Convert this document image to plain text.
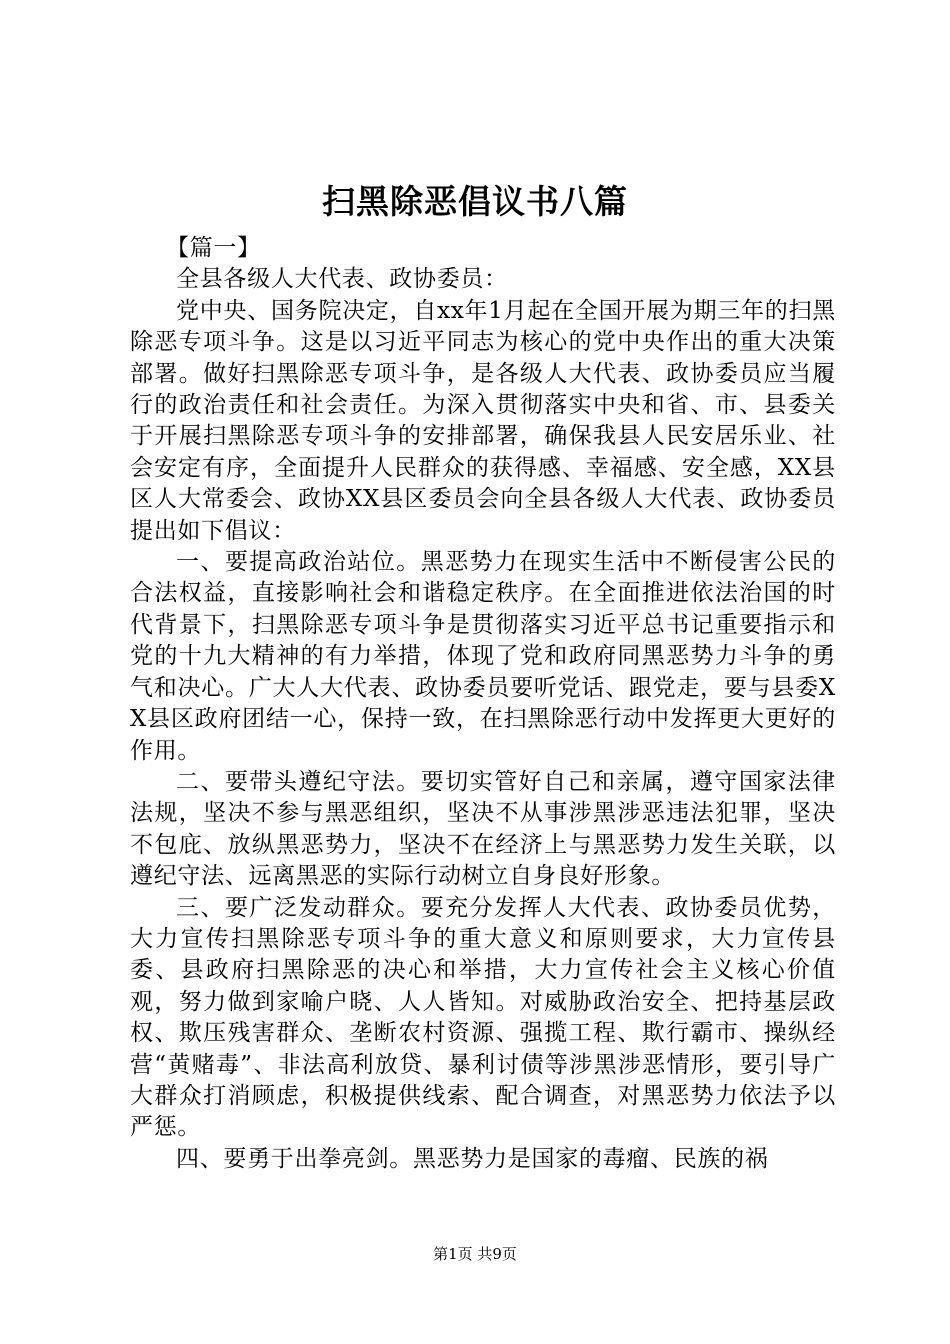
扫黑除恶倡议书八篇

【篇一】

全县各级人大代表、政协委员：

党中央、国务院决定，自xx年1月起在全国开展为期三年的扫黑除恶专项斗争。这是以习近平同志为核心的党中央作出的重大决策部署。做好扫黑除恶专项斗争，是各级人大代表、政协委员应当履行的政治责任和社会责任。为深入贯彻落实中央和省、市、县委关于开展扫黑除恶专项斗争的安排部署，确保我县人民安居乐业、社会安定有序，全面提升人民群众的获得感、幸福感、安全感，XX县区人大常委会、政协XX县区委员会向全县各级人大代表、政协委员提出如下倡议：

一、要提高政治站位。黑恶势力在现实生活中不断侵害公民的合法权益，直接影响社会和谐稳定秩序。在全面推进依法治国的时代背景下，扫黑除恶专项斗争是贯彻落实习近平总书记重要指示和党的十九大精神的有力举措，体现了党和政府同黑恶势力斗争的勇气和决心。广大人大代表、政协委员要听党话、跟党走，要与县委XX县区政府团结一心，保持一致，在扫黑除恶行动中发挥更大更好的作用。

二、要带头遵纪守法。要切实管好自己和亲属，遵守国家法律法规，坚决不参与黑恶组织，坚决不从事涉黑涉恶违法犯罪，坚决不包庇、放纵黑恶势力，坚决不在经济上与黑恶势力发生关联，以遵纪守法、远离黑恶的实际行动树立自身良好形象。

三、要广泛发动群众。要充分发挥人大代表、政协委员优势，大力宣传扫黑除恶专项斗争的重大意义和原则要求，大力宣传县委、县政府扫黑除恶的决心和举措，大力宣传社会主义核心价值观，努力做到家喻户晓、人人皆知。对威胁政治安全、把持基层政权、欺压残害群众、垄断农村资源、强揽工程、欺行霸市、操纵经营“黄赌毒”、非法高利放贷、暴利讨债等涉黑涉恶情形，要引导广大群众打消顾虑，积极提供线索、配合调查，对黑恶势力依法予以严惩。

四、要勇于出拳亮剑。黑恶势力是国家的毒瘤、民族的祸

第1页 共9页
